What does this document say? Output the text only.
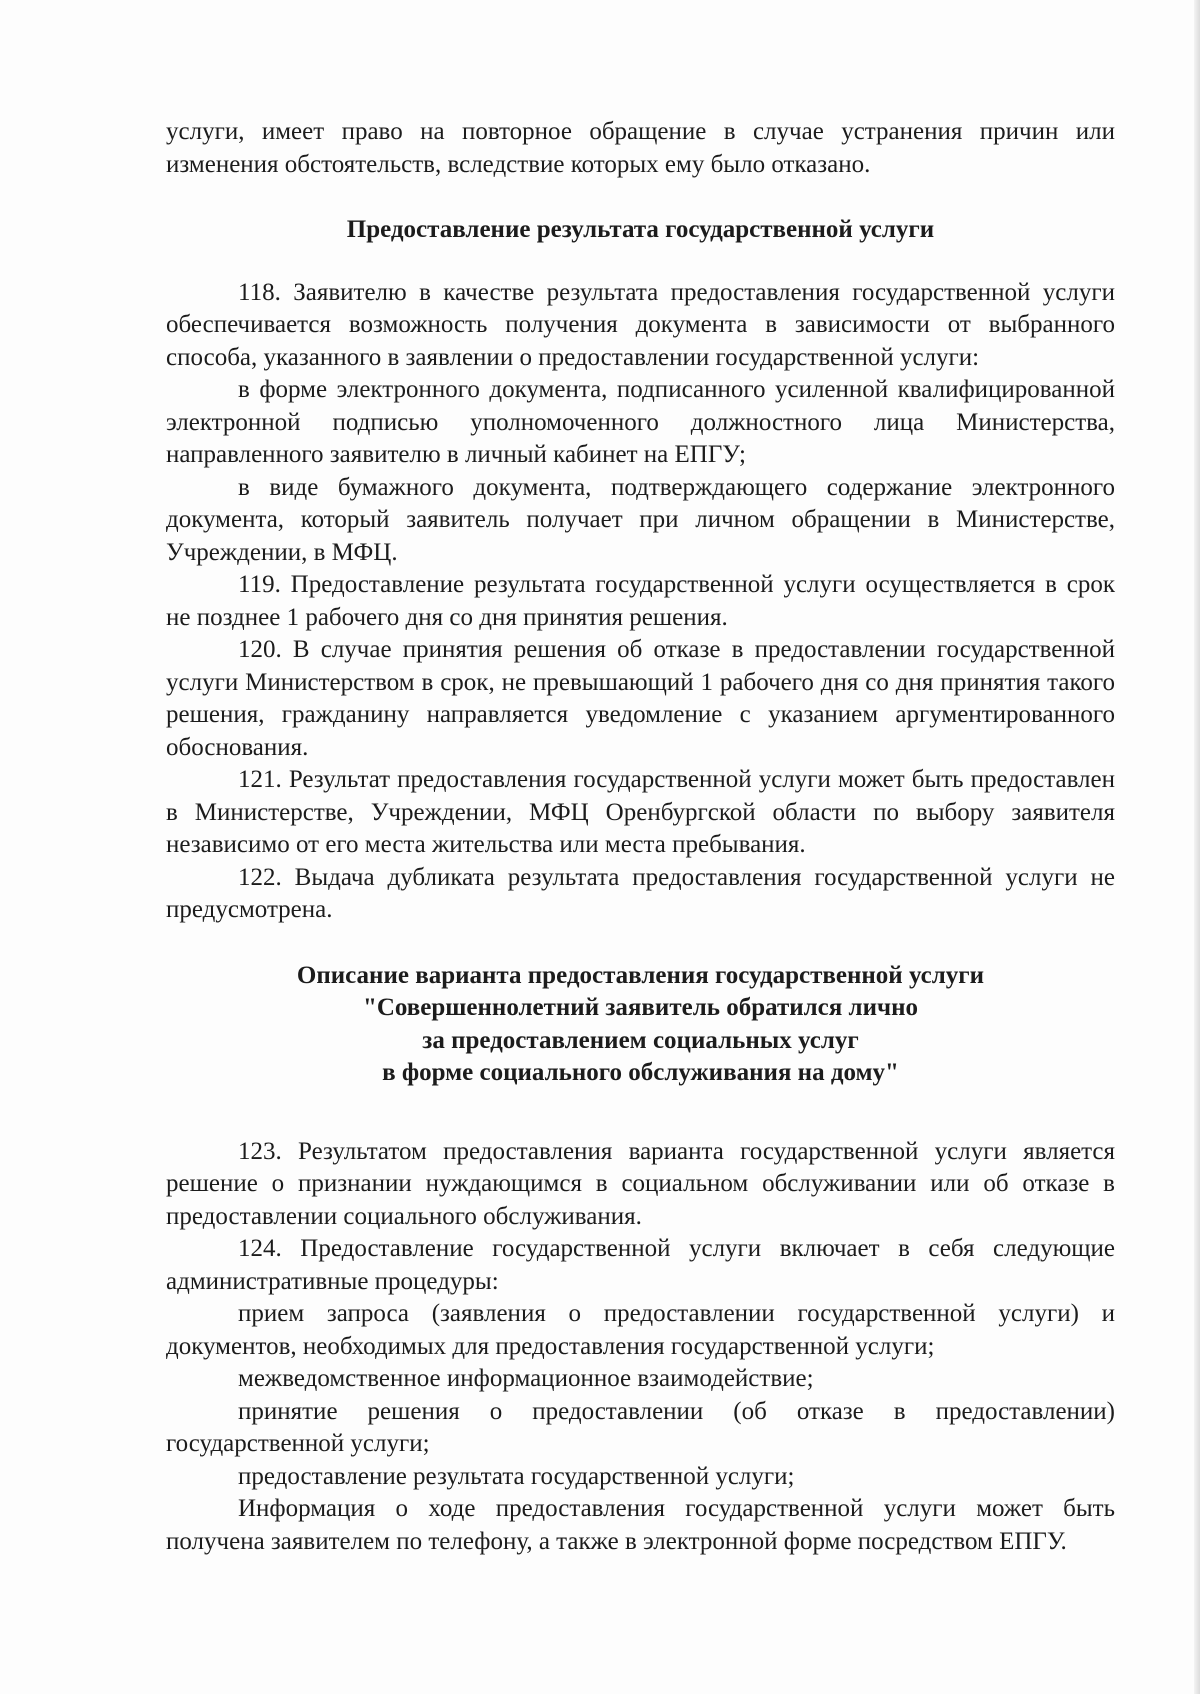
услуги, имеет право на повторное обращение в случае устранения причин или изменения обстоятельств, вследствие которых ему было отказано.

Предоставление результата государственной услуги

118. Заявителю в качестве результата предоставления государственной услуги обеспечивается возможность получения документа в зависимости от выбранного способа, указанного в заявлении о предоставлении государственной услуги:

в форме электронного документа, подписанного усиленной квалифицированной электронной подписью уполномоченного должностного лица Министерства, направленного заявителю в личный кабинет на ЕПГУ;

в виде бумажного документа, подтверждающего содержание электронного документа, который заявитель получает при личном обращении в Министерстве, Учреждении, в МФЦ.

119. Предоставление результата государственной услуги осуществляется в срок не позднее 1 рабочего дня со дня принятия решения.

120. В случае принятия решения об отказе в предоставлении государственной услуги Министерством в срок, не превышающий 1 рабочего дня со дня принятия такого решения, гражданину направляется уведомление с указанием аргументированного обоснования.

121. Результат предоставления государственной услуги может быть предоставлен в Министерстве, Учреждении, МФЦ Оренбургской области по выбору заявителя независимо от его места жительства или места пребывания.

122. Выдача дубликата результата предоставления государственной услуги не предусмотрена.

Описание варианта предоставления государственной услуги

"Совершеннолетний заявитель обратился лично

за предоставлением социальных услуг

в форме социального обслуживания на дому"

123. Результатом предоставления варианта государственной услуги является решение о признании нуждающимся в социальном обслуживании или об отказе в предоставлении социального обслуживания.

124. Предоставление государственной услуги включает в себя следующие административные процедуры:

прием запроса (заявления о предоставлении государственной услуги) и документов, необходимых для предоставления государственной услуги;

межведомственное информационное взаимодействие;

принятие решения о предоставлении (об отказе в предоставлении) государственной услуги;

предоставление результата государственной услуги;

Информация о ходе предоставления государственной услуги может быть получена заявителем по телефону, а также в электронной форме посредством ЕПГУ.
